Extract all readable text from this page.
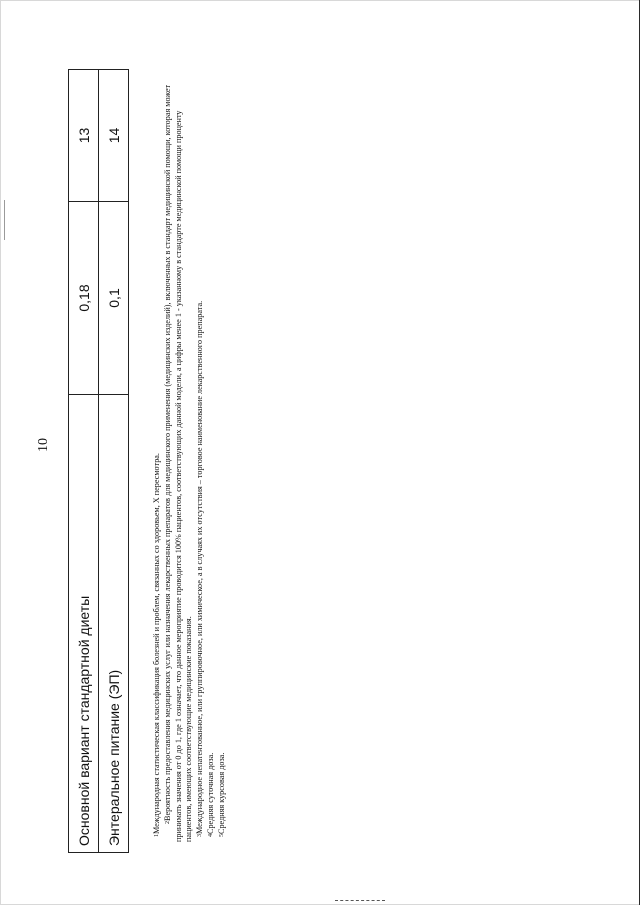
10
Основной вариант стандартной диеты	0,18	13
Энтеральное питание (ЭП)	0,1	14

$^1$Международная статистическая классификация болезней и проблем, связанных со здоровьем, X пересмотра. $^2$Вероятность предоставления медицинских услуг или назначения лекарственных препаратов для медицинского применения (медицинских изделий), включенных в стандарт медицинской помощи, которая может принимать значения от 0 до 1, где 1 означает, что данное мероприятие проводится 100% пациентов, соответствующих данной модели, а цифры менее 1 - указанному в стандарте медицинской помощи проценту пациентов, имеющих соответствующие медицинские показания. $^3$Международное непатентованное, или группировочное, или химическое, а в случаях их отсутствия – торговое наименование лекарственного препарата.

$^4$Средняя суточная доза.

$^5$Средняя курсовая доза.
